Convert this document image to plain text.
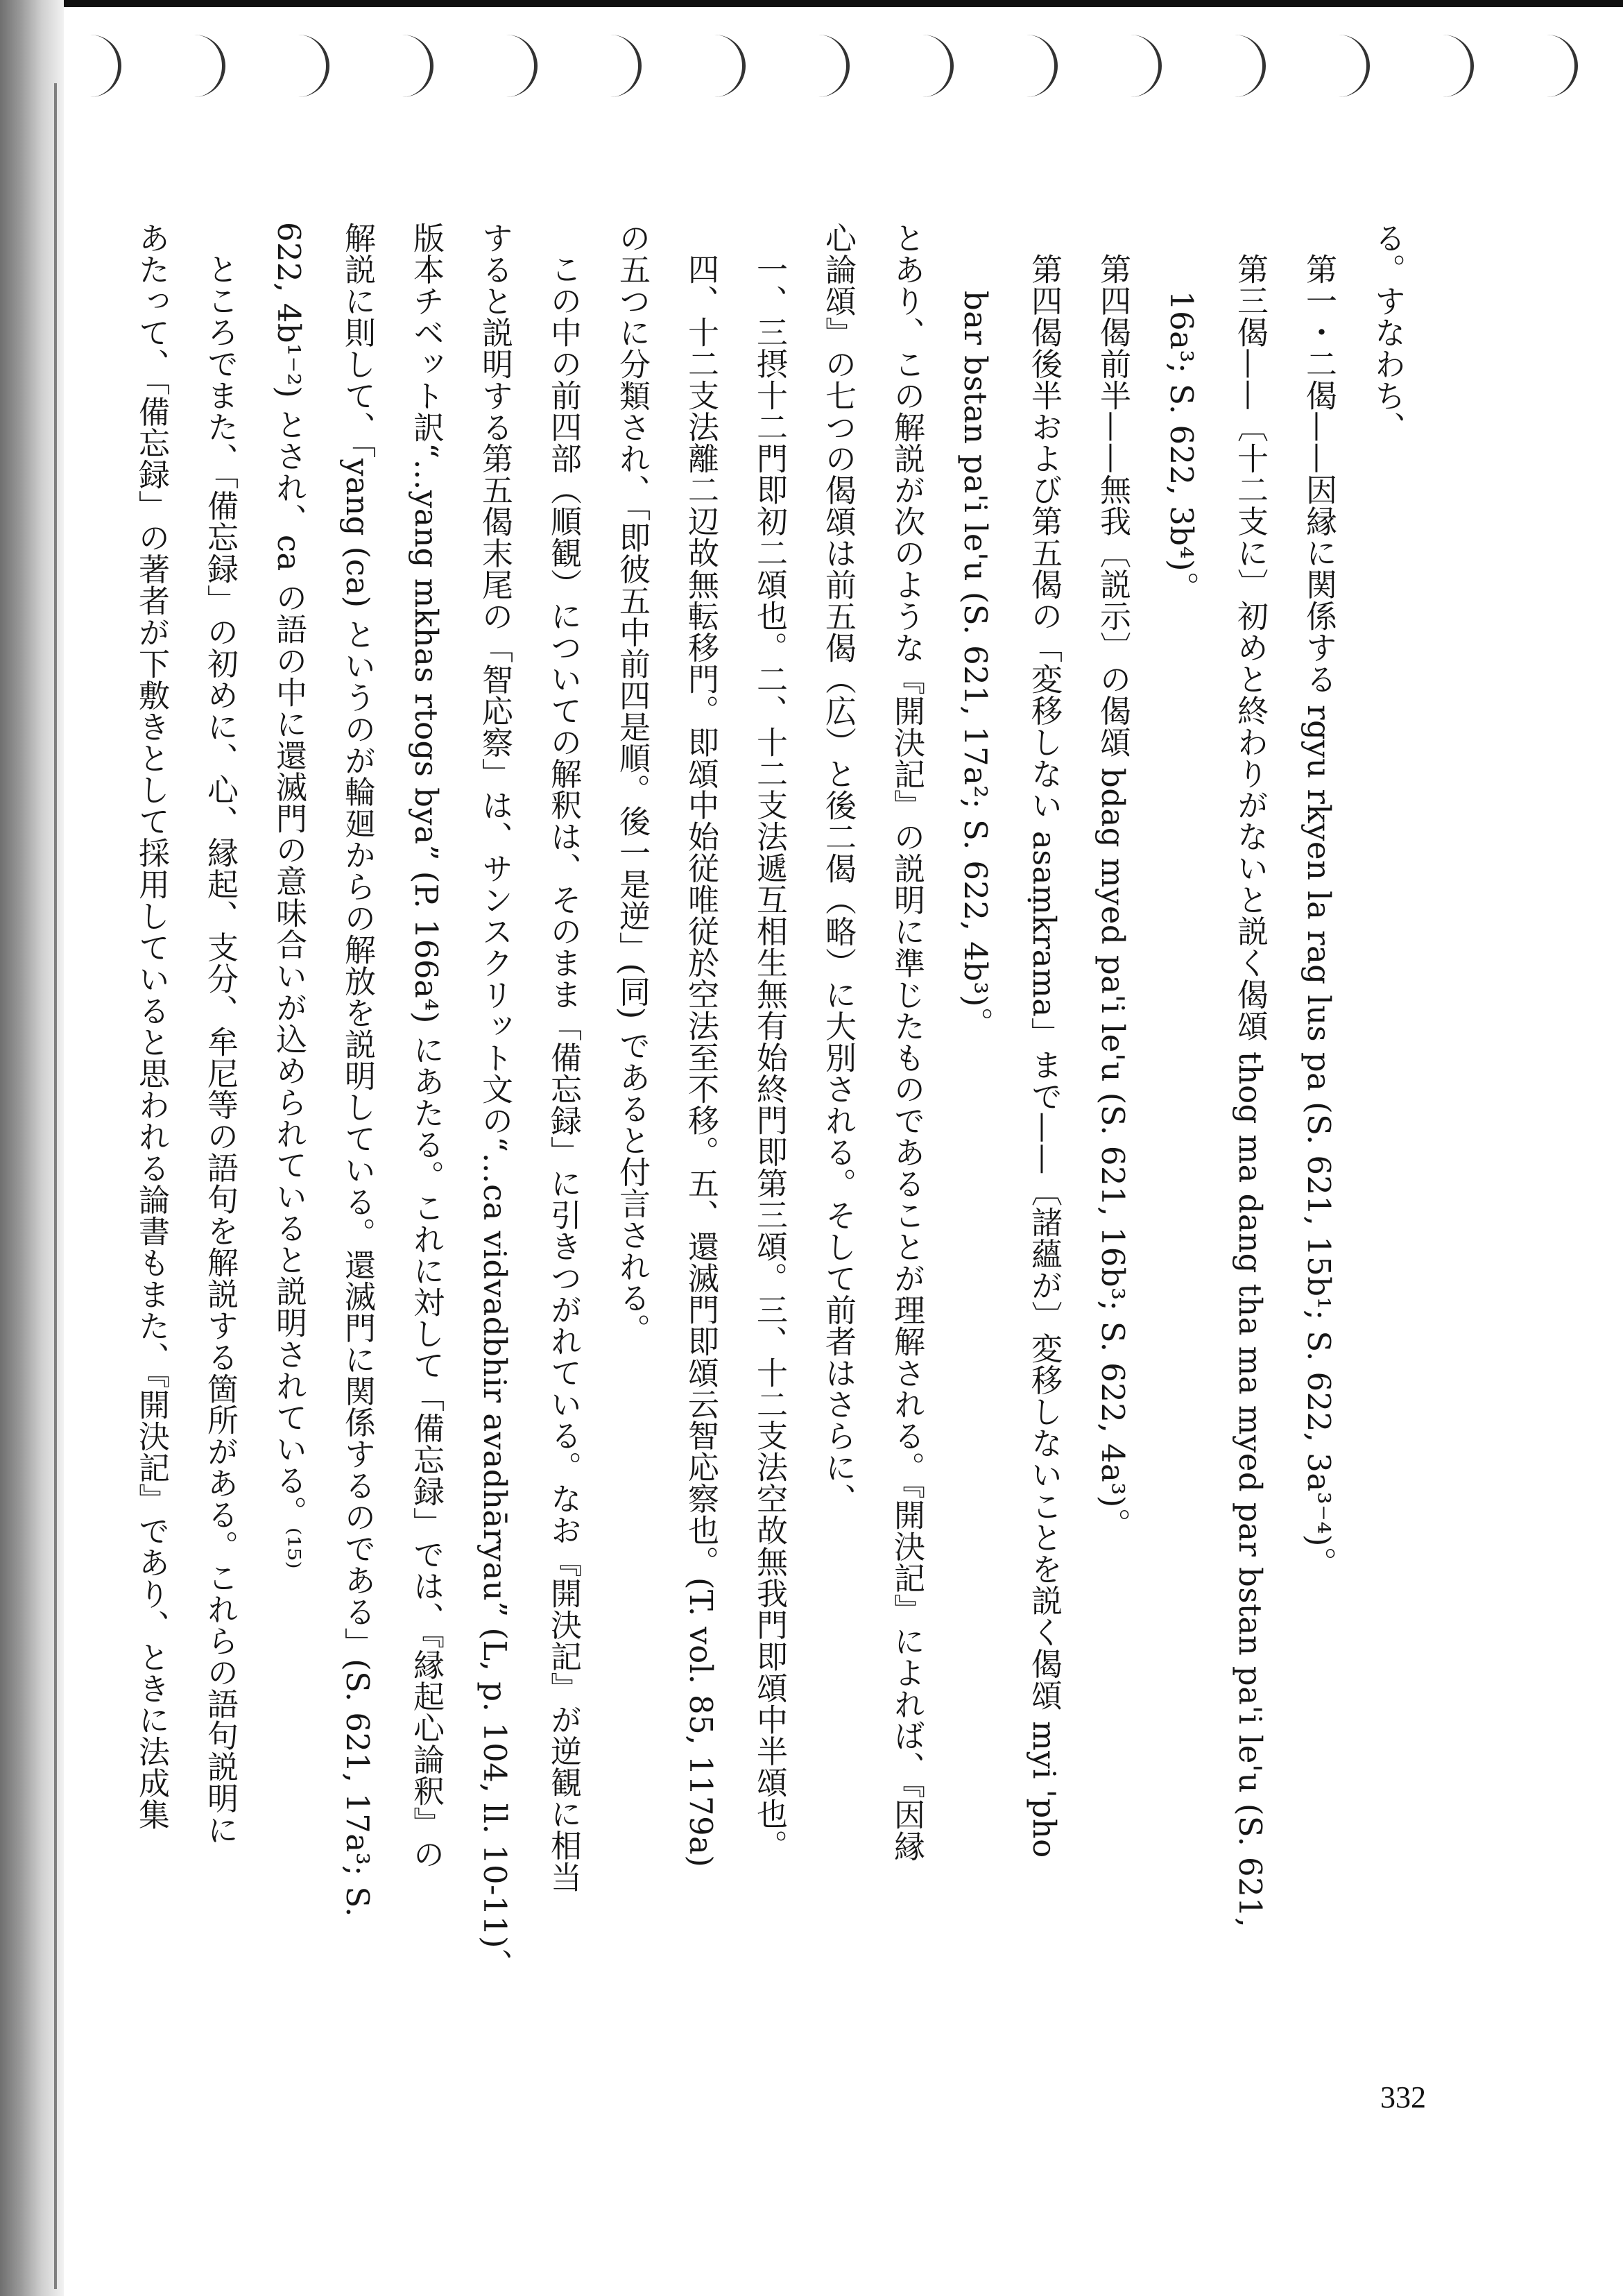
る。すなわち、
第一・二偈——因縁に関係する rgyu rkyen la rag lus pa (S. 621, 15b¹; S. 622, 3a³⁻⁴)。
第三偈——〔十二支に〕初めと終わりがないと説く偈頌 thog ma dang tha ma myed par bstan pa'i le'u (S. 621,
16a³; S. 622, 3b⁴)。
第四偈前半——無我〔説示〕の偈頌 bdag myed pa'i le'u (S. 621, 16b³; S. 622, 4a³)。
第四偈後半および第五偈の「変移しない asaṃkrama」まで——〔諸蘊が〕変移しないことを説く偈頌 myi 'pho
bar bstan pa'i le'u (S. 621, 17a²; S. 622, 4b³)。
とあり、この解説が次のような『開決記』の説明に準じたものであることが理解される。『開決記』によれば、『因縁
心論頌』の七つの偈頌は前五偈（広）と後二偈（略）に大別される。そして前者はさらに、
一、三摂十二門即初二頌也。二、十二支法遞互相生無有始終門即第三頌。三、十二支法空故無我門即頌中半頌也。
四、十二支法離二辺故無転移門。即頌中始従唯従於空法至不移。五、還滅門即頌云智応察也。(T. vol. 85, 1179a)
の五つに分類され、「即彼五中前四是順。後一是逆」(同) であると付言される。
この中の前四部（順観）についての解釈は、そのまま「備忘録」に引きつがれている。なお『開決記』が逆観に相当
すると説明する第五偈末尾の「智応察」は、サンスクリット文の“…ca vidvadbhir avadhāryau” (L, p. 104, ll. 10-11)、
版本チベット訳“…yang mkhas rtogs bya” (P. 166a⁴) にあたる。これに対して「備忘録」では、『縁起心論釈』の
解説に則して、「yang (ca) というのが輪廻からの解放を説明している。還滅門に関係するのである」(S. 621, 17a³; S.
622, 4b¹⁻²) とされ、ca の語の中に還滅門の意味合いが込められていると説明されている。⁽¹⁵⁾
ところでまた、「備忘録」の初めに、心、縁起、支分、牟尼等の語句を解説する箇所がある。これらの語句説明に
あたって、「備忘録」の著者が下敷きとして採用していると思われる論書もまた、『開決記』であり、ときに法成集
332
